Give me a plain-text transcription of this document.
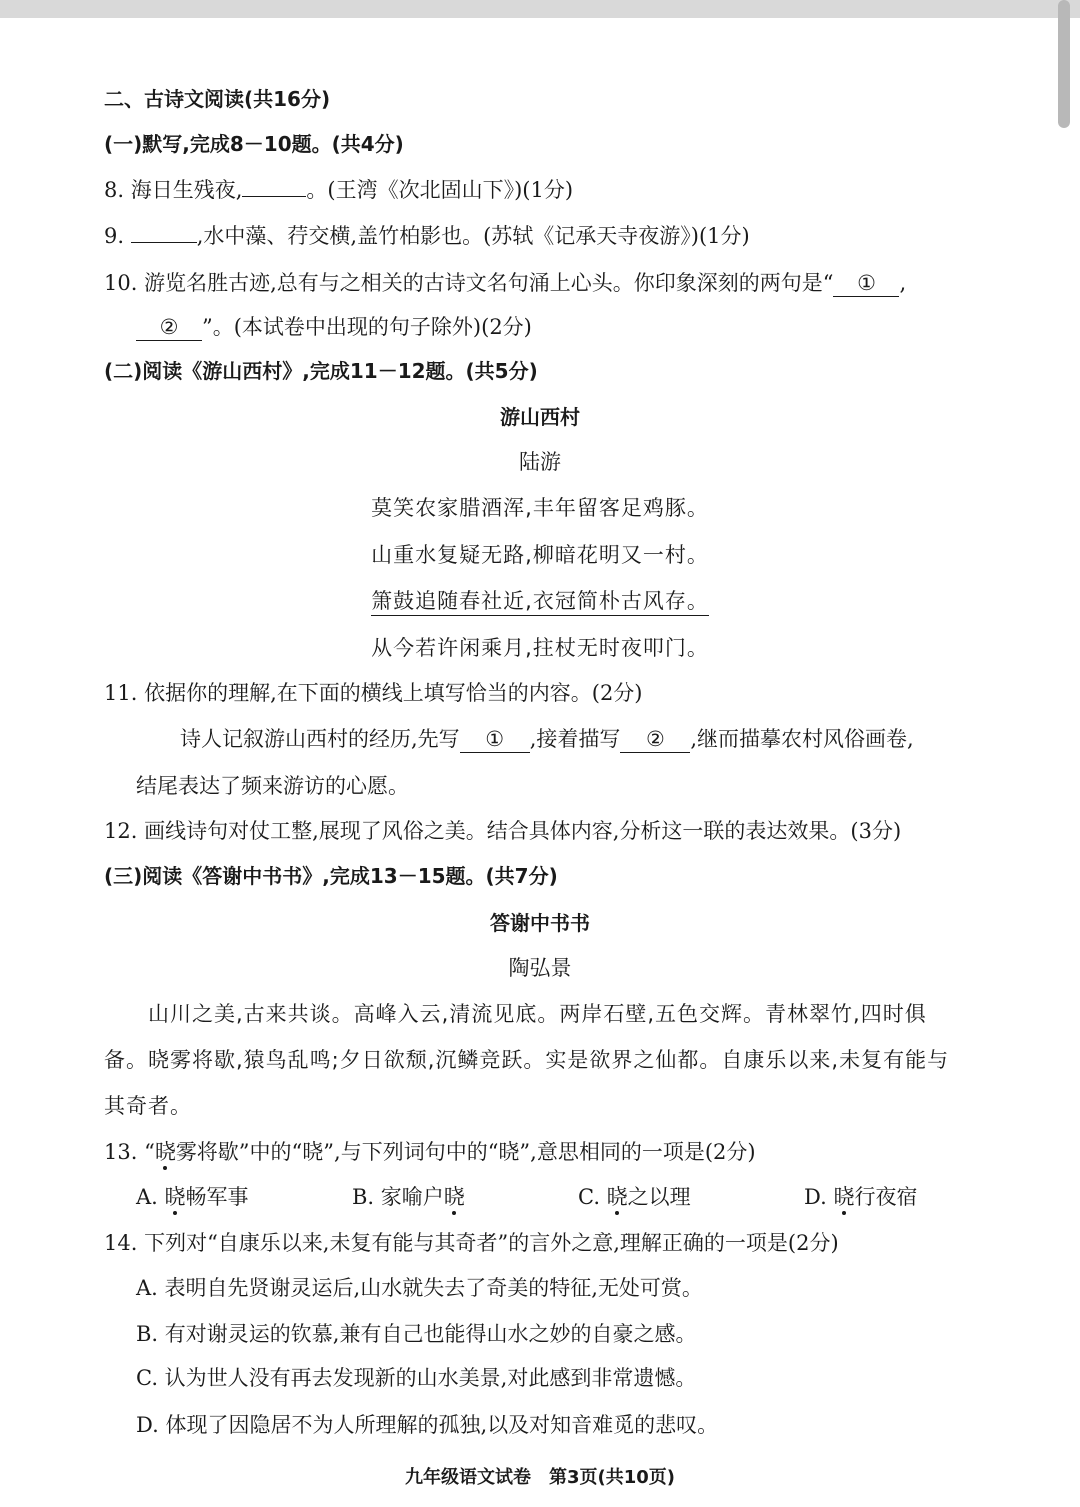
二、古诗文阅读(共16分)
(一)默写,完成8－10题。(共4分)
8. 海日生残夜,	。(王湾《次北固山下》)(1分)
9.	,水中藻、荇交横,盖竹柏影也。(苏轼《记承天寺夜游》)(1分)
10. 游览名胜古迹,总有与之相关的古诗文名句涌上心头。你印象深刻的两句是“ ① ,
② ”。(本试卷中出现的句子除外)(2分)
(二)阅读《游山西村》,完成11－12题。(共5分)
游山西村
陆游
莫笑农家腊酒浑,丰年留客足鸡豚。
山重水复疑无路,柳暗花明又一村。
箫鼓追随春社近,衣冠简朴古风存。
从今若许闲乘月,拄杖无时夜叩门。
11. 依据你的理解,在下面的横线上填写恰当的内容。(2分)
诗人记叙游山西村的经历,先写 ① ,接着描写 ② ,继而描摹农村风俗画卷,
结尾表达了频来游访的心愿。
12. 画线诗句对仗工整,展现了风俗之美。结合具体内容,分析这一联的表达效果。(3分)
(三)阅读《答谢中书书》,完成13－15题。(共7分)
答谢中书书
陶弘景
山川之美,古来共谈。高峰入云,清流见底。两岸石壁,五色交辉。青林翠竹,四时俱
备。晓雾将歇,猿鸟乱鸣;夕日欲颓,沉鳞竞跃。实是欲界之仙都。自康乐以来,未复有能与
其奇者。
13. “晓雾将歇”中的“晓”,与下列词句中的“晓”,意思相同的一项是(2分)
A. 晓畅军事	B. 家喻户晓	C. 晓之以理	D. 晓行夜宿
14. 下列对“自康乐以来,未复有能与其奇者”的言外之意,理解正确的一项是(2分)
A. 表明自先贤谢灵运后,山水就失去了奇美的特征,无处可赏。
B. 有对谢灵运的钦慕,兼有自己也能得山水之妙的自豪之感。
C. 认为世人没有再去发现新的山水美景,对此感到非常遗憾。
D. 体现了因隐居不为人所理解的孤独,以及对知音难觅的悲叹。
九年级语文试卷　第3页(共10页)
